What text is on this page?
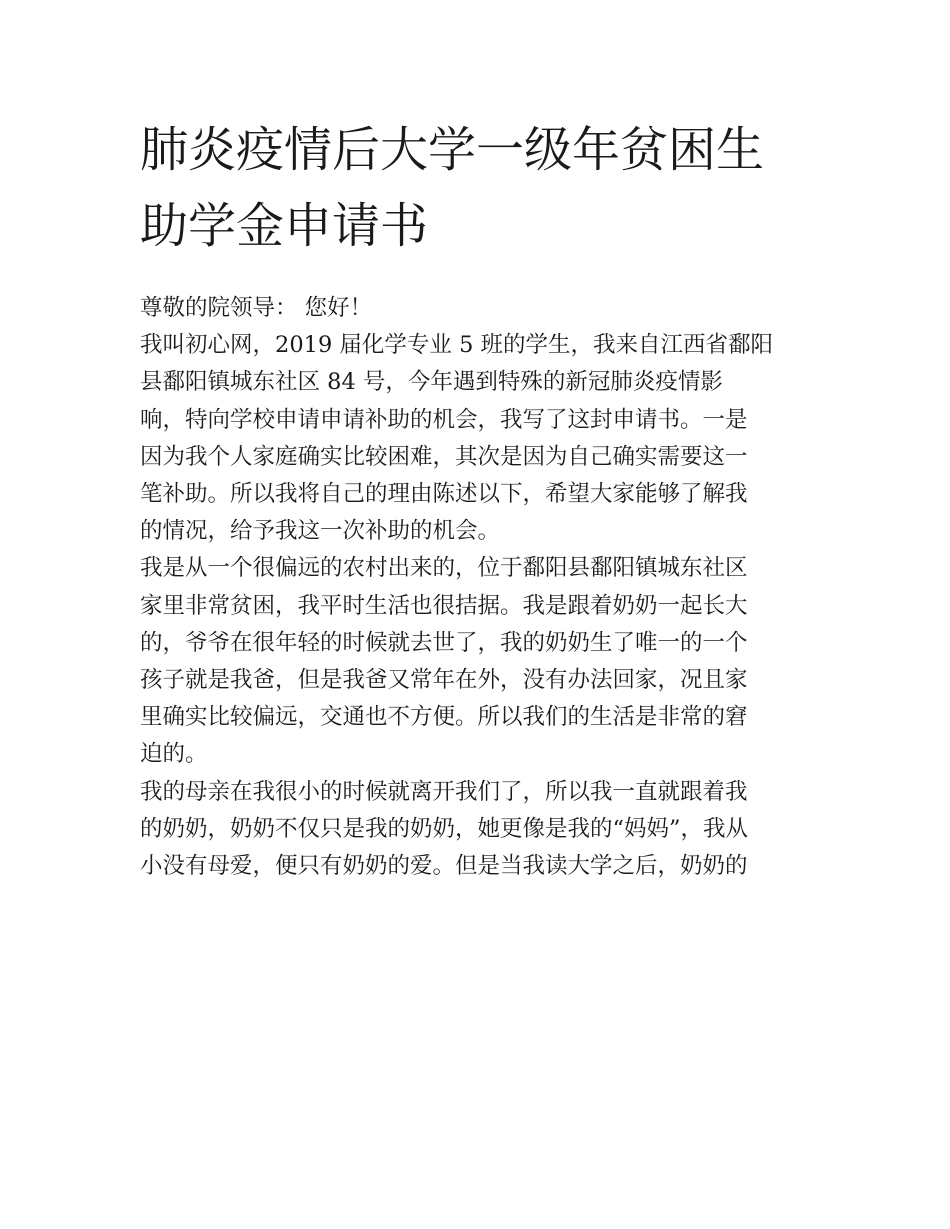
肺炎疫情后大学一级年贫困生
助学金申请书
尊敬的院领导： 您好！
我叫初心网，2019 届化学专业 5 班的学生，我来自江西省鄱阳
县鄱阳镇城东社区 84 号，今年遇到特殊的新冠肺炎疫情影
响，特向学校申请申请补助的机会，我写了这封申请书。一是
因为我个人家庭确实比较困难，其次是因为自己确实需要这一
笔补助。所以我将自己的理由陈述以下，希望大家能够了解我
的情况，给予我这一次补助的机会。
我是从一个很偏远的农村出来的，位于鄱阳县鄱阳镇城东社区
家里非常贫困，我平时生活也很拮据。我是跟着奶奶一起长大
的，爷爷在很年轻的时候就去世了，我的奶奶生了唯一的一个
孩子就是我爸，但是我爸又常年在外，没有办法回家，况且家
里确实比较偏远，交通也不方便。所以我们的生活是非常的窘
迫的。
我的母亲在我很小的时候就离开我们了，所以我一直就跟着我
的奶奶，奶奶不仅只是我的奶奶，她更像是我的“妈妈”，我从
小没有母爱，便只有奶奶的爱。但是当我读大学之后，奶奶的
